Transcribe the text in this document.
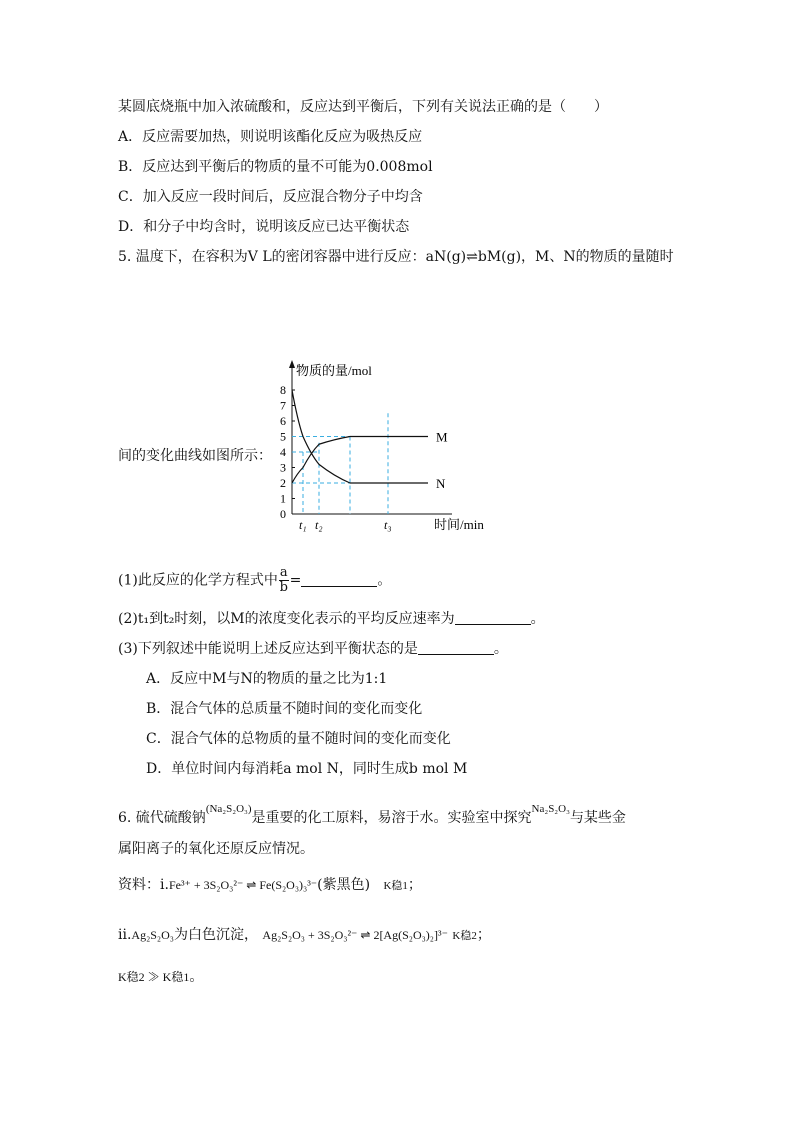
某圆底烧瓶中加入浓硫酸和，反应达到平衡后，下列有关说法正确的是（　　）
A．反应需要加热，则说明该酯化反应为吸热反应
B．反应达到平衡后的物质的量不可能为0.008mol
C．加入反应一段时间后，反应混合物分子中均含
D．和分子中均含时，说明该反应已达平衡状态
5. 温度下，在容积为V L的密闭容器中进行反应：aN(g)⇌bM(g)，M、N的物质的量随时
间的变化曲线如图所示：
物质的量/mol
时间/min
0
1
2
3
4
5
6
7
8
t₁ t₂	t₃
M
N
(1)此反应的化学方程式中 $\frac{a}{b}$ =	。
(2)t₁到t₂时刻，以M的浓度变化表示的平均反应速率为	。
(3)下列叙述中能说明上述反应达到平衡状态的是	。
A．反应中M与N的物质的量之比为1:1
B．混合气体的总质量不随时间的变化而变化
C．混合气体的总物质的量不随时间的变化而变化
D．单位时间内每消耗a mol N，同时生成b mol M
6. 硫代硫酸钠$^{(Na_2S_2O_3)}$是重要的化工原料，易溶于水。实验室中探究$^{Na_2S_2O_3}$与某些金
属阳离子的氧化还原反应情况。
资料：i.Fe³⁺ + 3S₂O₃²⁻ ⇌ Fe(S₂O₃)₃³⁻(紫黑色) K稳1；
ii.Ag₂S₂O₃为白色沉淀， Ag₂S₂O₃ + 3S₂O₃²⁻ ⇌ 2[Ag(S₂O₃)₂]³⁻ K稳2；
K稳2 ≫ K稳1。
